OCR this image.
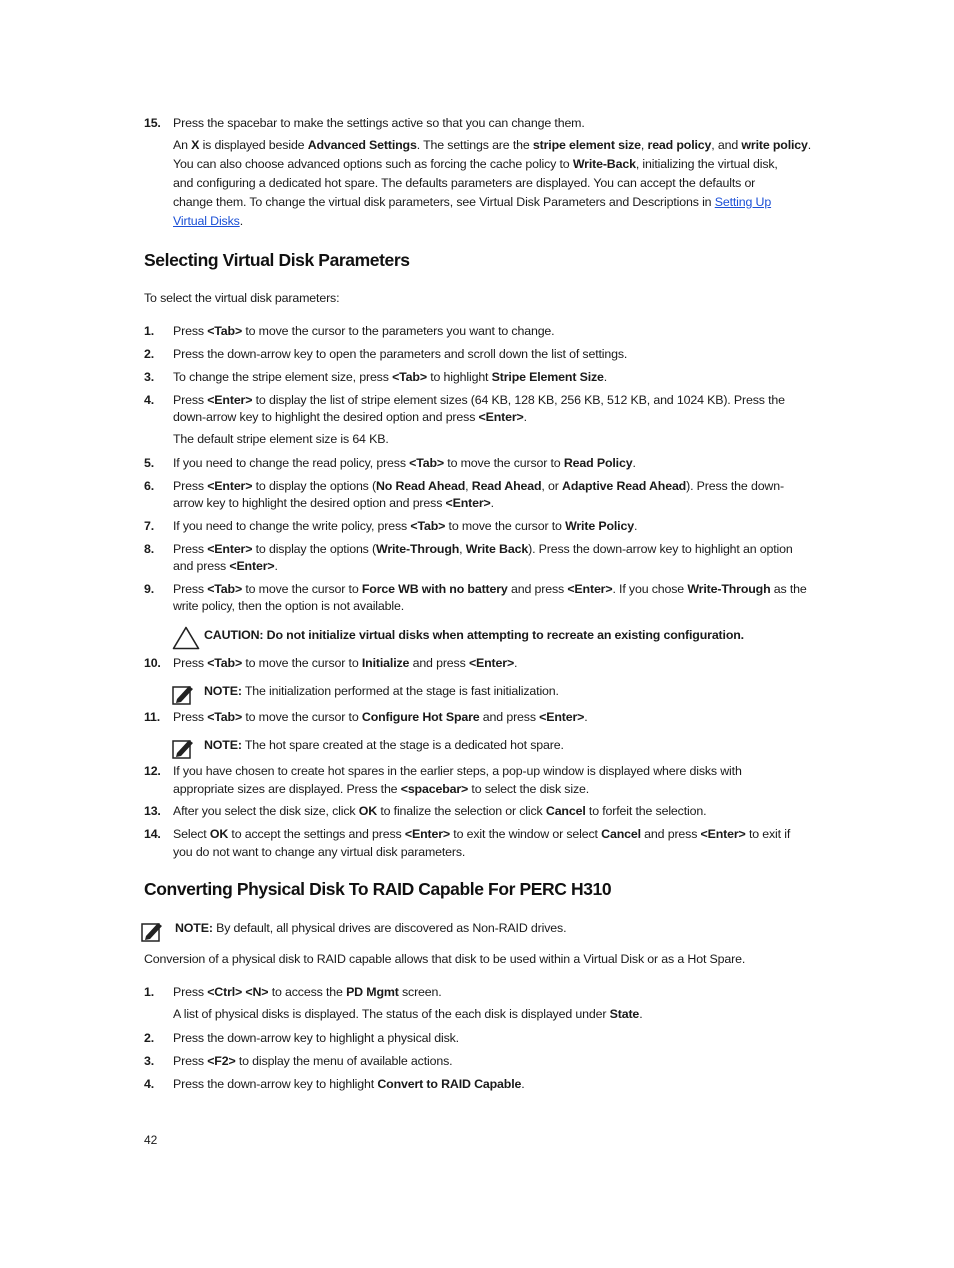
15. Press the spacebar to make the settings active so that you can change them.
An X is displayed beside Advanced Settings. The settings are the stripe element size, read policy, and write policy.
You can also choose advanced options such as forcing the cache policy to Write-Back, initializing the virtual disk,
and configuring a dedicated hot spare. The defaults parameters are displayed. You can accept the defaults or
change them. To change the virtual disk parameters, see Virtual Disk Parameters and Descriptions in Setting Up
Virtual Disks.
Selecting Virtual Disk Parameters
To select the virtual disk parameters:
1. Press <Tab> to move the cursor to the parameters you want to change.
2. Press the down-arrow key to open the parameters and scroll down the list of settings.
3. To change the stripe element size, press <Tab> to highlight Stripe Element Size.
4. Press <Enter> to display the list of stripe element sizes (64 KB, 128 KB, 256 KB, 512 KB, and 1024 KB). Press the
down-arrow key to highlight the desired option and press <Enter>.
The default stripe element size is 64 KB.
5. If you need to change the read policy, press <Tab> to move the cursor to Read Policy.
6. Press <Enter> to display the options (No Read Ahead, Read Ahead, or Adaptive Read Ahead). Press the down-
arrow key to highlight the desired option and press <Enter>.
7. If you need to change the write policy, press <Tab> to move the cursor to Write Policy.
8. Press <Enter> to display the options (Write-Through, Write Back). Press the down-arrow key to highlight an option
and press <Enter>.
9. Press <Tab> to move the cursor to Force WB with no battery and press <Enter>. If you chose Write-Through as the
write policy, then the option is not available.
CAUTION: Do not initialize virtual disks when attempting to recreate an existing configuration.
10. Press <Tab> to move the cursor to Initialize and press <Enter>.
NOTE: The initialization performed at the stage is fast initialization.
11. Press <Tab> to move the cursor to Configure Hot Spare and press <Enter>.
NOTE: The hot spare created at the stage is a dedicated hot spare.
12. If you have chosen to create hot spares in the earlier steps, a pop-up window is displayed where disks with
appropriate sizes are displayed. Press the <spacebar> to select the disk size.
13. After you select the disk size, click OK to finalize the selection or click Cancel to forfeit the selection.
14. Select OK to accept the settings and press <Enter> to exit the window or select Cancel and press <Enter> to exit if
you do not want to change any virtual disk parameters.
Converting Physical Disk To RAID Capable For PERC H310
NOTE: By default, all physical drives are discovered as Non-RAID drives.
Conversion of a physical disk to RAID capable allows that disk to be used within a Virtual Disk or as a Hot Spare.
1. Press <Ctrl> <N> to access the PD Mgmt screen.
A list of physical disks is displayed. The status of the each disk is displayed under State.
2. Press the down-arrow key to highlight a physical disk.
3. Press <F2> to display the menu of available actions.
4. Press the down-arrow key to highlight Convert to RAID Capable.
42
